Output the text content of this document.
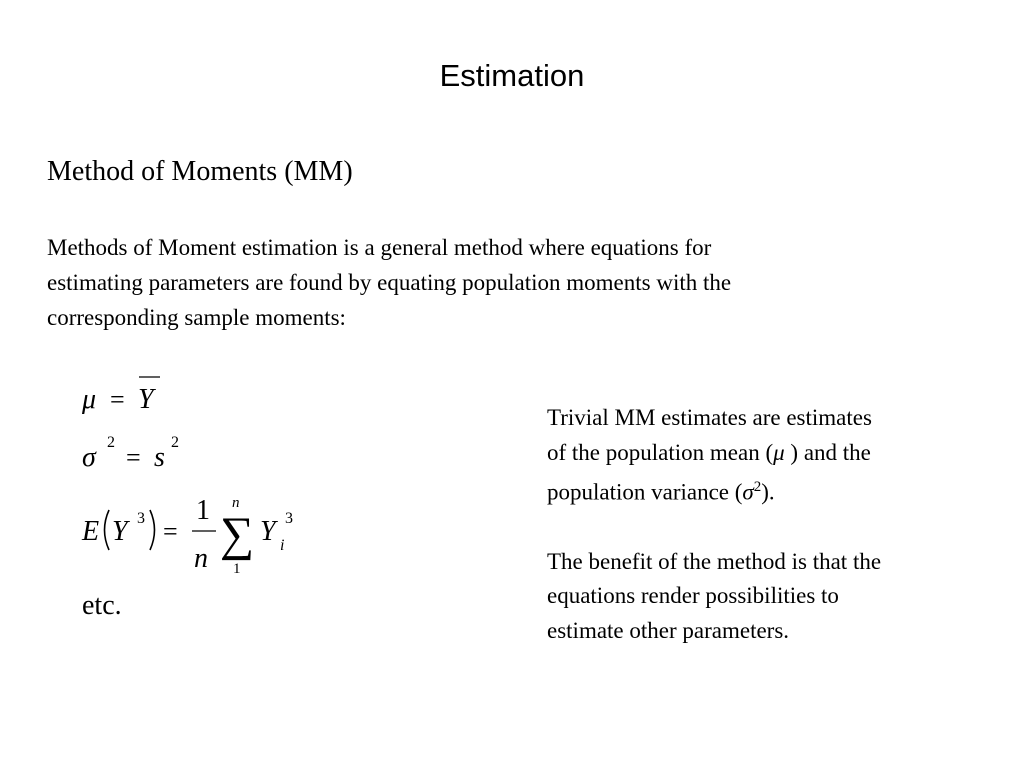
Estimation
Method of Moments (MM)
Methods of Moment estimation is a general method where equations for
estimating parameters are found by equating population moments with the
corresponding sample moments:
μ = Y
σ 2
= s 2
E Y 3 =
1
n
n
∑
1
Y 3
i
etc.
Trivial MM estimates are estimates
of the population mean (μ ) and the
population variance $(\sigma^2)$.
The benefit of the method is that the
equations render possibilities to
estimate other parameters.
